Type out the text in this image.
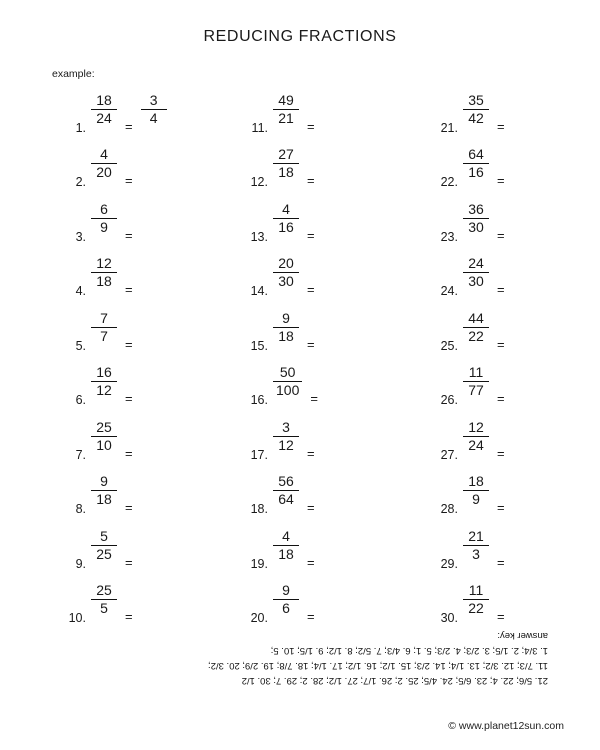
REDUCING FRACTIONS
example:
1.
$\frac{18}{24}$
=
$\frac{3}{4}$
2.
$\frac{4}{20}$
=

3.
$\frac{6}{9}$
=

4.
$\frac{12}{18}$
=

5.
$\frac{7}{7}$
=

6.
$\frac{16}{12}$
=

7.
$\frac{25}{10}$
=

8.
$\frac{9}{18}$
=

9.
$\frac{5}{25}$
=

10.
$\frac{25}{5}$
=

11.
$\frac{49}{21}$
=

12.
$\frac{27}{18}$
=

13.
$\frac{4}{16}$
=

14.
$\frac{20}{30}$
=

15.
$\frac{9}{18}$
=

16.
$\frac{50}{100}$
=

17.
$\frac{3}{12}$
=

18.
$\frac{56}{64}$
=

19.
$\frac{4}{18}$
=

20.
$\frac{9}{6}$
=

21.
$\frac{35}{42}$
=

22.
$\frac{64}{16}$
=

23.
$\frac{36}{30}$
=

24.
$\frac{24}{30}$
=

25.
$\frac{44}{22}$
=

26.
$\frac{11}{77}$
=

27.
$\frac{12}{24}$
=

28.
$\frac{18}{9}$
=

29.
$\frac{21}{3}$
=

30.
$\frac{11}{22}$
=

21. 5/6; 22. 4; 23. 6/5; 24. 4/5; 25. 2; 26. 1/7; 27. 1/2; 28. 2; 29. 7; 30. 1/2
11. 7/3; 12. 3/2; 13. 1/4; 14. 2/3; 15. 1/2; 16. 1/2; 17. 1/4; 18. 7/8; 19. 2/9; 20. 3/2;
1. 3/4; 2. 1/5; 3. 2/3; 4. 2/3; 5. 1; 6. 4/3; 7. 5/2; 8. 1/2; 9. 1/5; 10. 5;
answer key:
© www.planet12sun.com
